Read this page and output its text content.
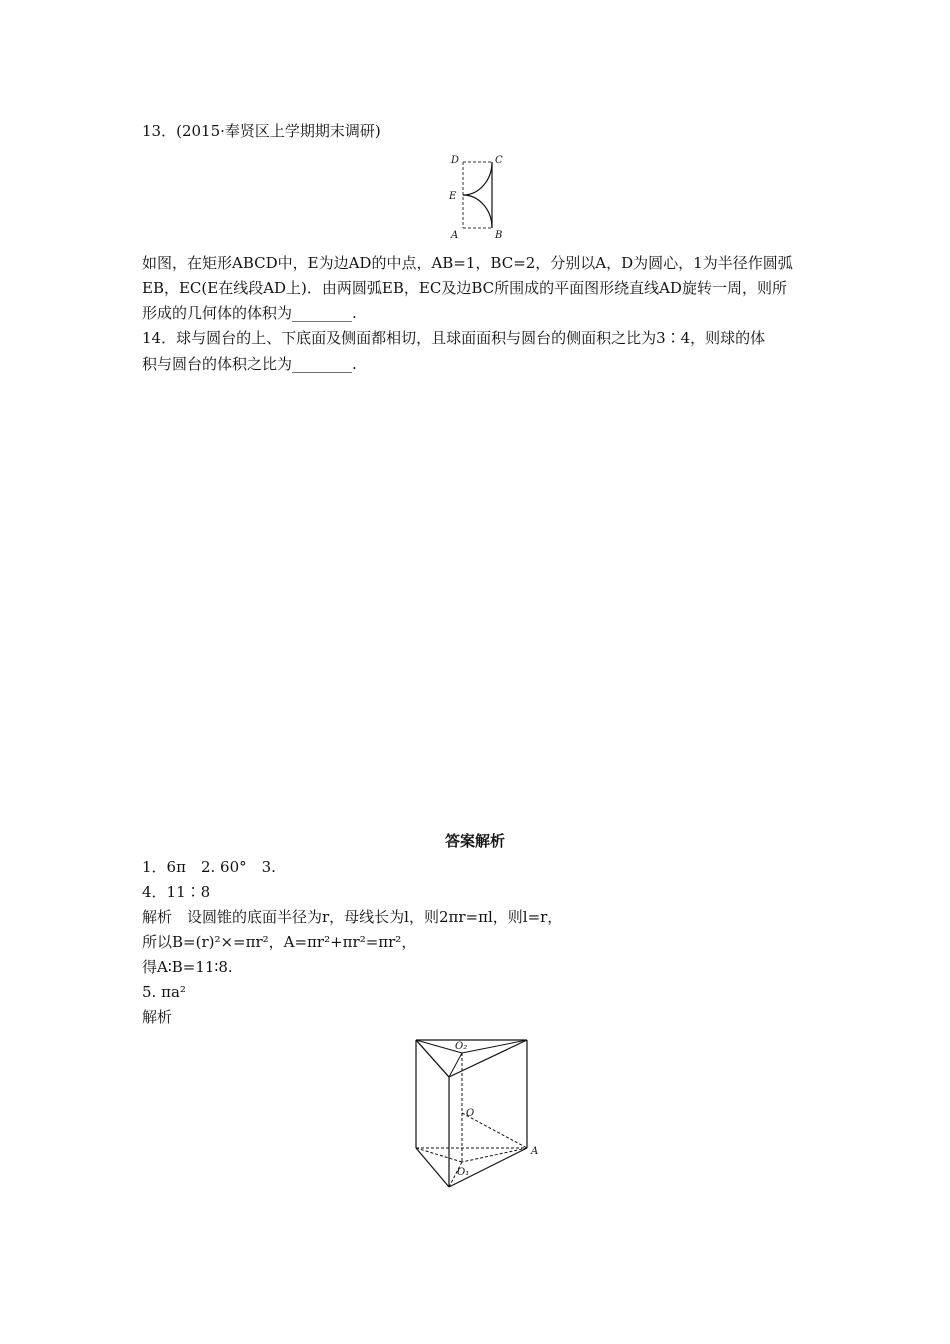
13．(2015·奉贤区上学期期末调研)
D	C
E
A	B
如图，在矩形ABCD中，E为边AD的中点，AB=1，BC=2，分别以A，D为圆心，1为半径作圆弧
EB，EC(E在线段AD上)．由两圆弧EB，EC及边BC所围成的平面图形绕直线AD旋转一周，则所
形成的几何体的体积为________.
14．球与圆台的上、下底面及侧面都相切，且球面面积与圆台的侧面积之比为3∶4，则球的体
积与圆台的体积之比为________.
答案解析
1．6π　2. 60°　3.
4．11∶8
解析　设圆锥的底面半径为r，母线长为l，则2πr=πl，则l=r，
所以B=(r)²×=πr²，A=πr²+πr²=πr²，
得A∶B=11∶8.
5. πa²
解析
O₂
O
O₁
A
